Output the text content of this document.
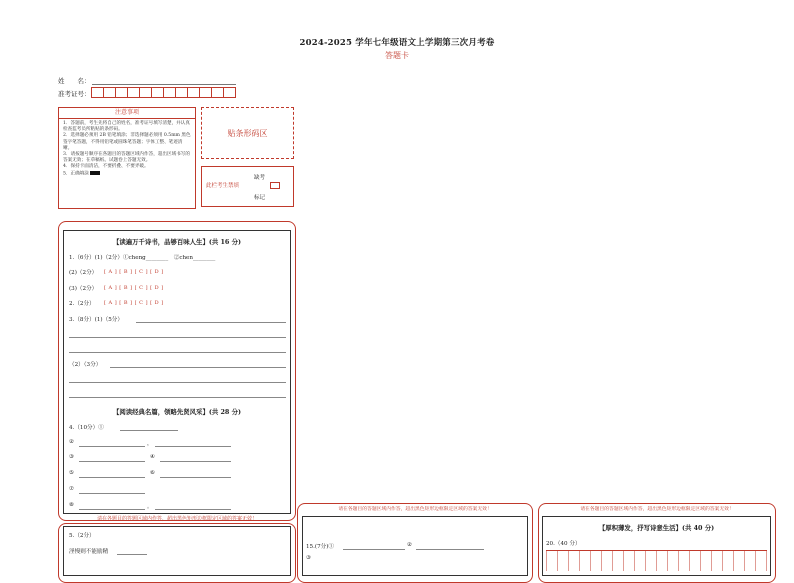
2024-2025 学年七年级语文上学期第三次月考卷
答题卡
姓　　名：
准考证号：
注意事项
1．答题前，考生先将自己的姓名，准考证号填写清楚，并认真检查监考员所粘贴的条形码。
2．选择题必须用 2B 铅笔填涂；非选择题必须用 0.5mm 黑色签字笔答题，不得用铅笔或圆珠笔答题；字体工整、笔迹清晰。
3．请按题号顺序在各题目的答题区域内作答，超出区域书写的答案无效；在草稿纸、试题卷上答题无效。
4．保持卡面清洁，不要折叠、不要弄破。
5．正确填涂
贴条形码区
此栏考生禁填
缺考
标记
【读遍万千诗书，品够百味人生】(共 16 分)
1.（6分）(1)（2分）①cheng________　②chen________
(2)（2分） [ A ] [ B ] [ C ] [ D ]
(3)（2分） [ A ] [ B ] [ C ] [ D ]
2.（2分） [ A ] [ B ] [ C ] [ D ]
3.（8分）(1)（5分）
（2）（3分）
【阅读经典名篇，领略先贤风采】(共 28 分)
4.（10分）①
②	，
③	④
⑤	⑥
⑦
⑧	。
请在各题目的答题区域内作答，超出黑色矩形边框限定区域的答案无效！
5.（2分）
淫慢则不能励精
请在各题目的答题区域内作答，超出黑色矩形边框限定区域的答案无效！
15.(7分)①	②
③
请在各题目的答题区域内作答，超出黑色矩形边框限定区域的答案无效！
【厚积薄发，抒写诗意生活】(共 40 分)
20.（40 分）
